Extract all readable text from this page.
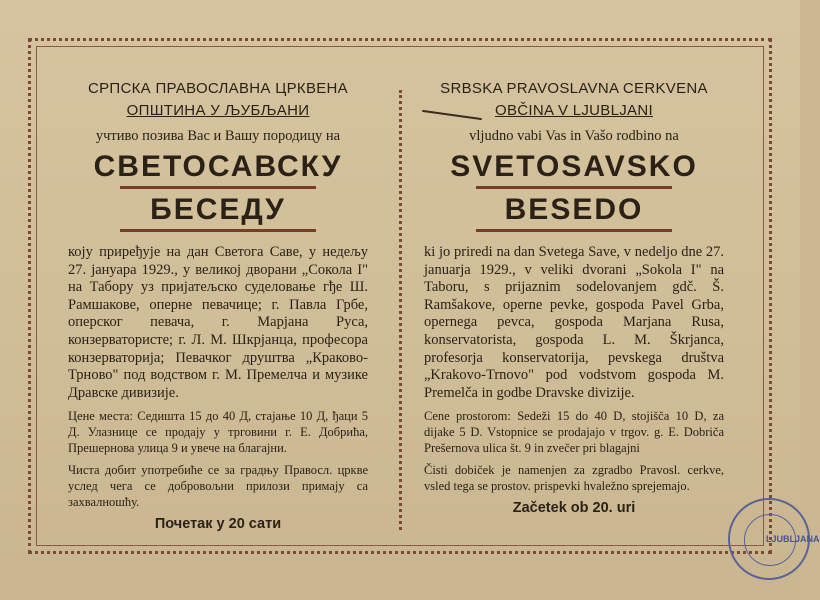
СРПСКА ПРАВОСЛАВНА ЦРКВЕНА
ОПШТИНА У ЉУБЉАНИ
учтиво позива Вас и Вашу породицу на
СВЕТОСАВСКУ
БЕСЕДУ
коју приређује на дан Светога Саве, у недељу 27. јануара 1929., у великој дворани „Сокола I" на Табору уз пријатељско суделовање гђе Ш. Рамшакове, оперне певачице; г. Павла Грбе, оперског певача, г. Марјана Руса, конзерватористе; г. Л. М. Шкрјанца, професора конзерваторија; Певачког друштва „Краково-Трново" под водством г. М. Премелча и музике Дравске дивизије.
Ценe места: Седишта 15 до 40 Д, стајање 10 Д, ђаци 5 Д. Улазнице се продају у трговини г. Е. Добрића, Прешернова улица 9 и увече на благајни.
Чиста добит употребиће се за градњу Правосл. цркве услед чега се добровољни прилози примају са захвалношћу.
Почетак у 20 сати
SRBSKA PRAVOSLAVNA CERKVENA
OBČINA V LJUBLJANI
vljudno vabi Vas in Vašo rodbino na
SVETOSAVSKO
BESEDO
ki jo priredi na dan Svetega Save, v nedeljo dne 27. januarja 1929., v veliki dvorani „Sokola I" na Taboru, s prijaznim sodelovanjem gdč. Š. Ramšakove, operne pevke, gospoda Pavel Grba, opernega pevca, gospoda Marjana Rusa, konservatorista, gospoda L. M. Škrjanca, profesorja konservatorija, pevskega društva „Krakovo-Trnovo" pod vodstvom gospoda M. Premelča in godbe Dravske divizije.
Cene prostorom: Sedeži 15 do 40 D, stojišča 10 D, za dijake 5 D. Vstopnice se prodajajo v trgov. g. E. Dobriča Prešernova ulica št. 9 in zvečer pri blagajni
Čisti dobiček je namenjen za zgradbo Pravosl. cerkve, vsled tega se prostov. prispevki hvaležno sprejemajo.
Začetek ob 20. uri
LJUBLJANA
